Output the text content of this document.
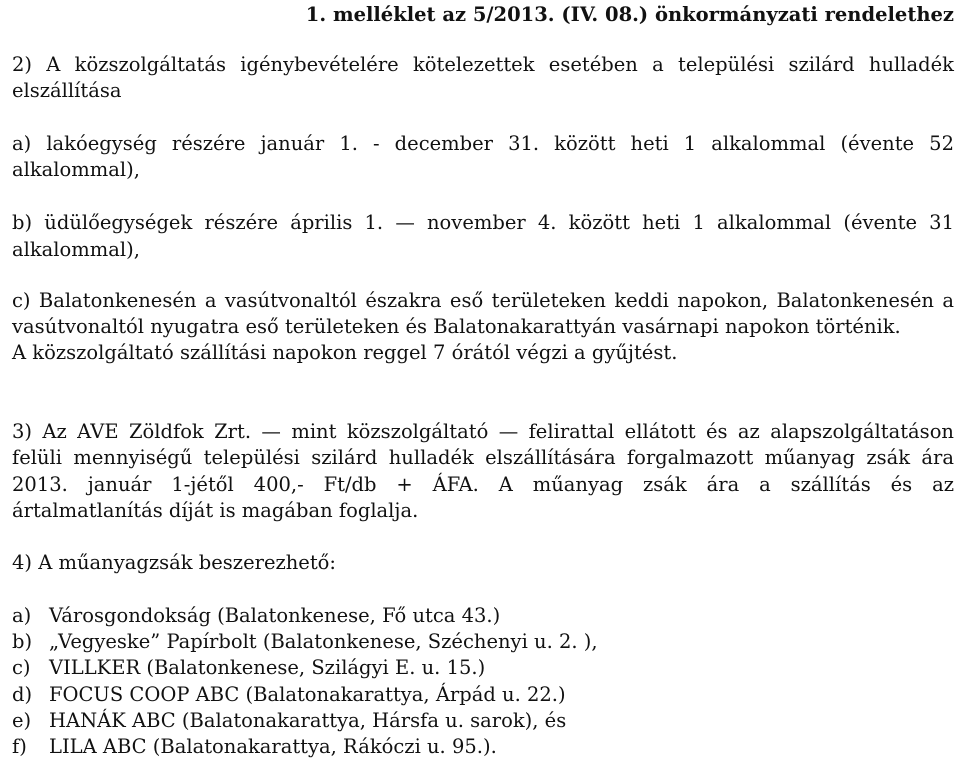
1. melléklet az 5/2013. (IV. 08.) önkormányzati rendelethez
2) A közszolgáltatás igénybevételére kötelezettek esetében a települési szilárd hulladék
elszállítása
a) lakóegység részére január 1. - december 31. között heti 1 alkalommal (évente 52
alkalommal),
b) üdülőegységek részére április 1. — november 4. között heti 1 alkalommal (évente 31
alkalommal),
c) Balatonkenesén a vasútvonaltól északra eső területeken keddi napokon, Balatonkenesén a
vasútvonaltól nyugatra eső területeken és Balatonakarattyán vasárnapi napokon történik.
A közszolgáltató szállítási napokon reggel 7 órától végzi a gyűjtést.
3) Az AVE Zöldfok Zrt. — mint közszolgáltató — felirattal ellátott és az alapszolgáltatáson
felüli mennyiségű települési szilárd hulladék elszállítására forgalmazott műanyag zsák ára
2013. január 1-jétől 400,- Ft/db + ÁFA. A műanyag zsák ára a szállítás és az
ártalmatlanítás díját is magában foglalja.
4) A műanyagzsák beszerezhető:
a) Városgondokság (Balatonkenese, Fő utca 43.)
b) „Vegyeske” Papírbolt (Balatonkenese, Széchenyi u. 2. ),
c) VILLKER (Balatonkenese, Szilágyi E. u. 15.)
d) FOCUS COOP ABC (Balatonakarattya, Árpád u. 22.)
e) HANÁK ABC (Balatonakarattya, Hársfa u. sarok), és
f) LILA ABC (Balatonakarattya, Rákóczi u. 95.).
